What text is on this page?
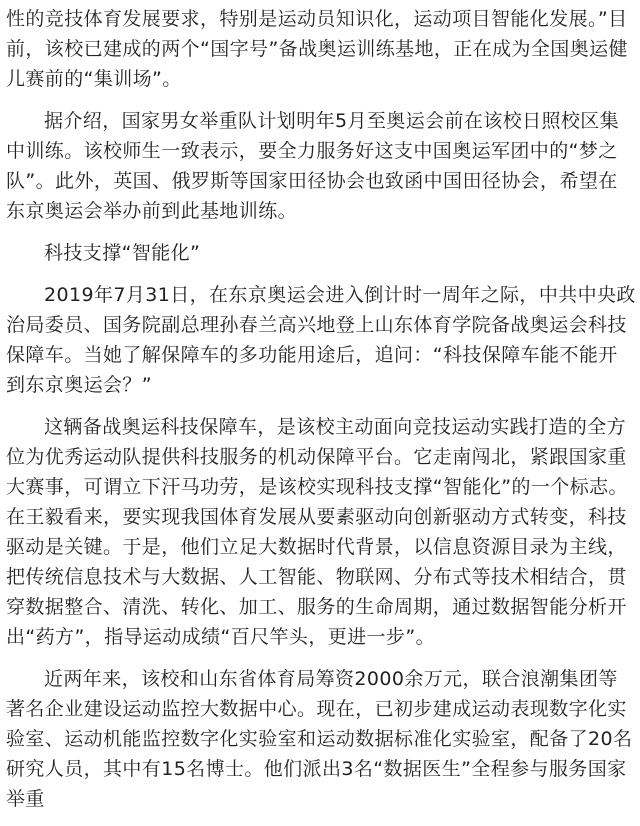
性的竞技体育发展要求，特别是运动员知识化，运动项目智能化发展。”目前，该校已建成的两个“国字号”备战奥运训练基地，正在成为全国奥运健儿赛前的“集训场”。

据介绍，国家男女举重队计划明年5月至奥运会前在该校日照校区集中训练。该校师生一致表示，要全力服务好这支中国奥运军团中的“梦之队”。此外，英国、俄罗斯等国家田径协会也致函中国田径协会，希望在东京奥运会举办前到此基地训练。

科技支撑“智能化”

2019年7月31日，在东京奥运会进入倒计时一周年之际，中共中央政治局委员、国务院副总理孙春兰高兴地登上山东体育学院备战奥运会科技保障车。当她了解保障车的多功能用途后，追问：“科技保障车能不能开到东京奥运会？”

这辆备战奥运科技保障车，是该校主动面向竞技运动实践打造的全方位为优秀运动队提供科技服务的机动保障平台。它走南闯北，紧跟国家重大赛事，可谓立下汗马功劳，是该校实现科技支撑“智能化”的一个标志。在王毅看来，要实现我国体育发展从要素驱动向创新驱动方式转变，科技驱动是关键。于是，他们立足大数据时代背景，以信息资源目录为主线，把传统信息技术与大数据、人工智能、物联网、分布式等技术相结合，贯穿数据整合、清洗、转化、加工、服务的生命周期，通过数据智能分析开出“药方”，指导运动成绩“百尺竿头，更进一步”。

近两年来，该校和山东省体育局筹资2000余万元，联合浪潮集团等著名企业建设运动监控大数据中心。现在，已初步建成运动表现数字化实验室、运动机能监控数字化实验室和运动数据标准化实验室，配备了20名研究人员，其中有15名博士。他们派出3名“数据医生”全程参与服务国家举重
